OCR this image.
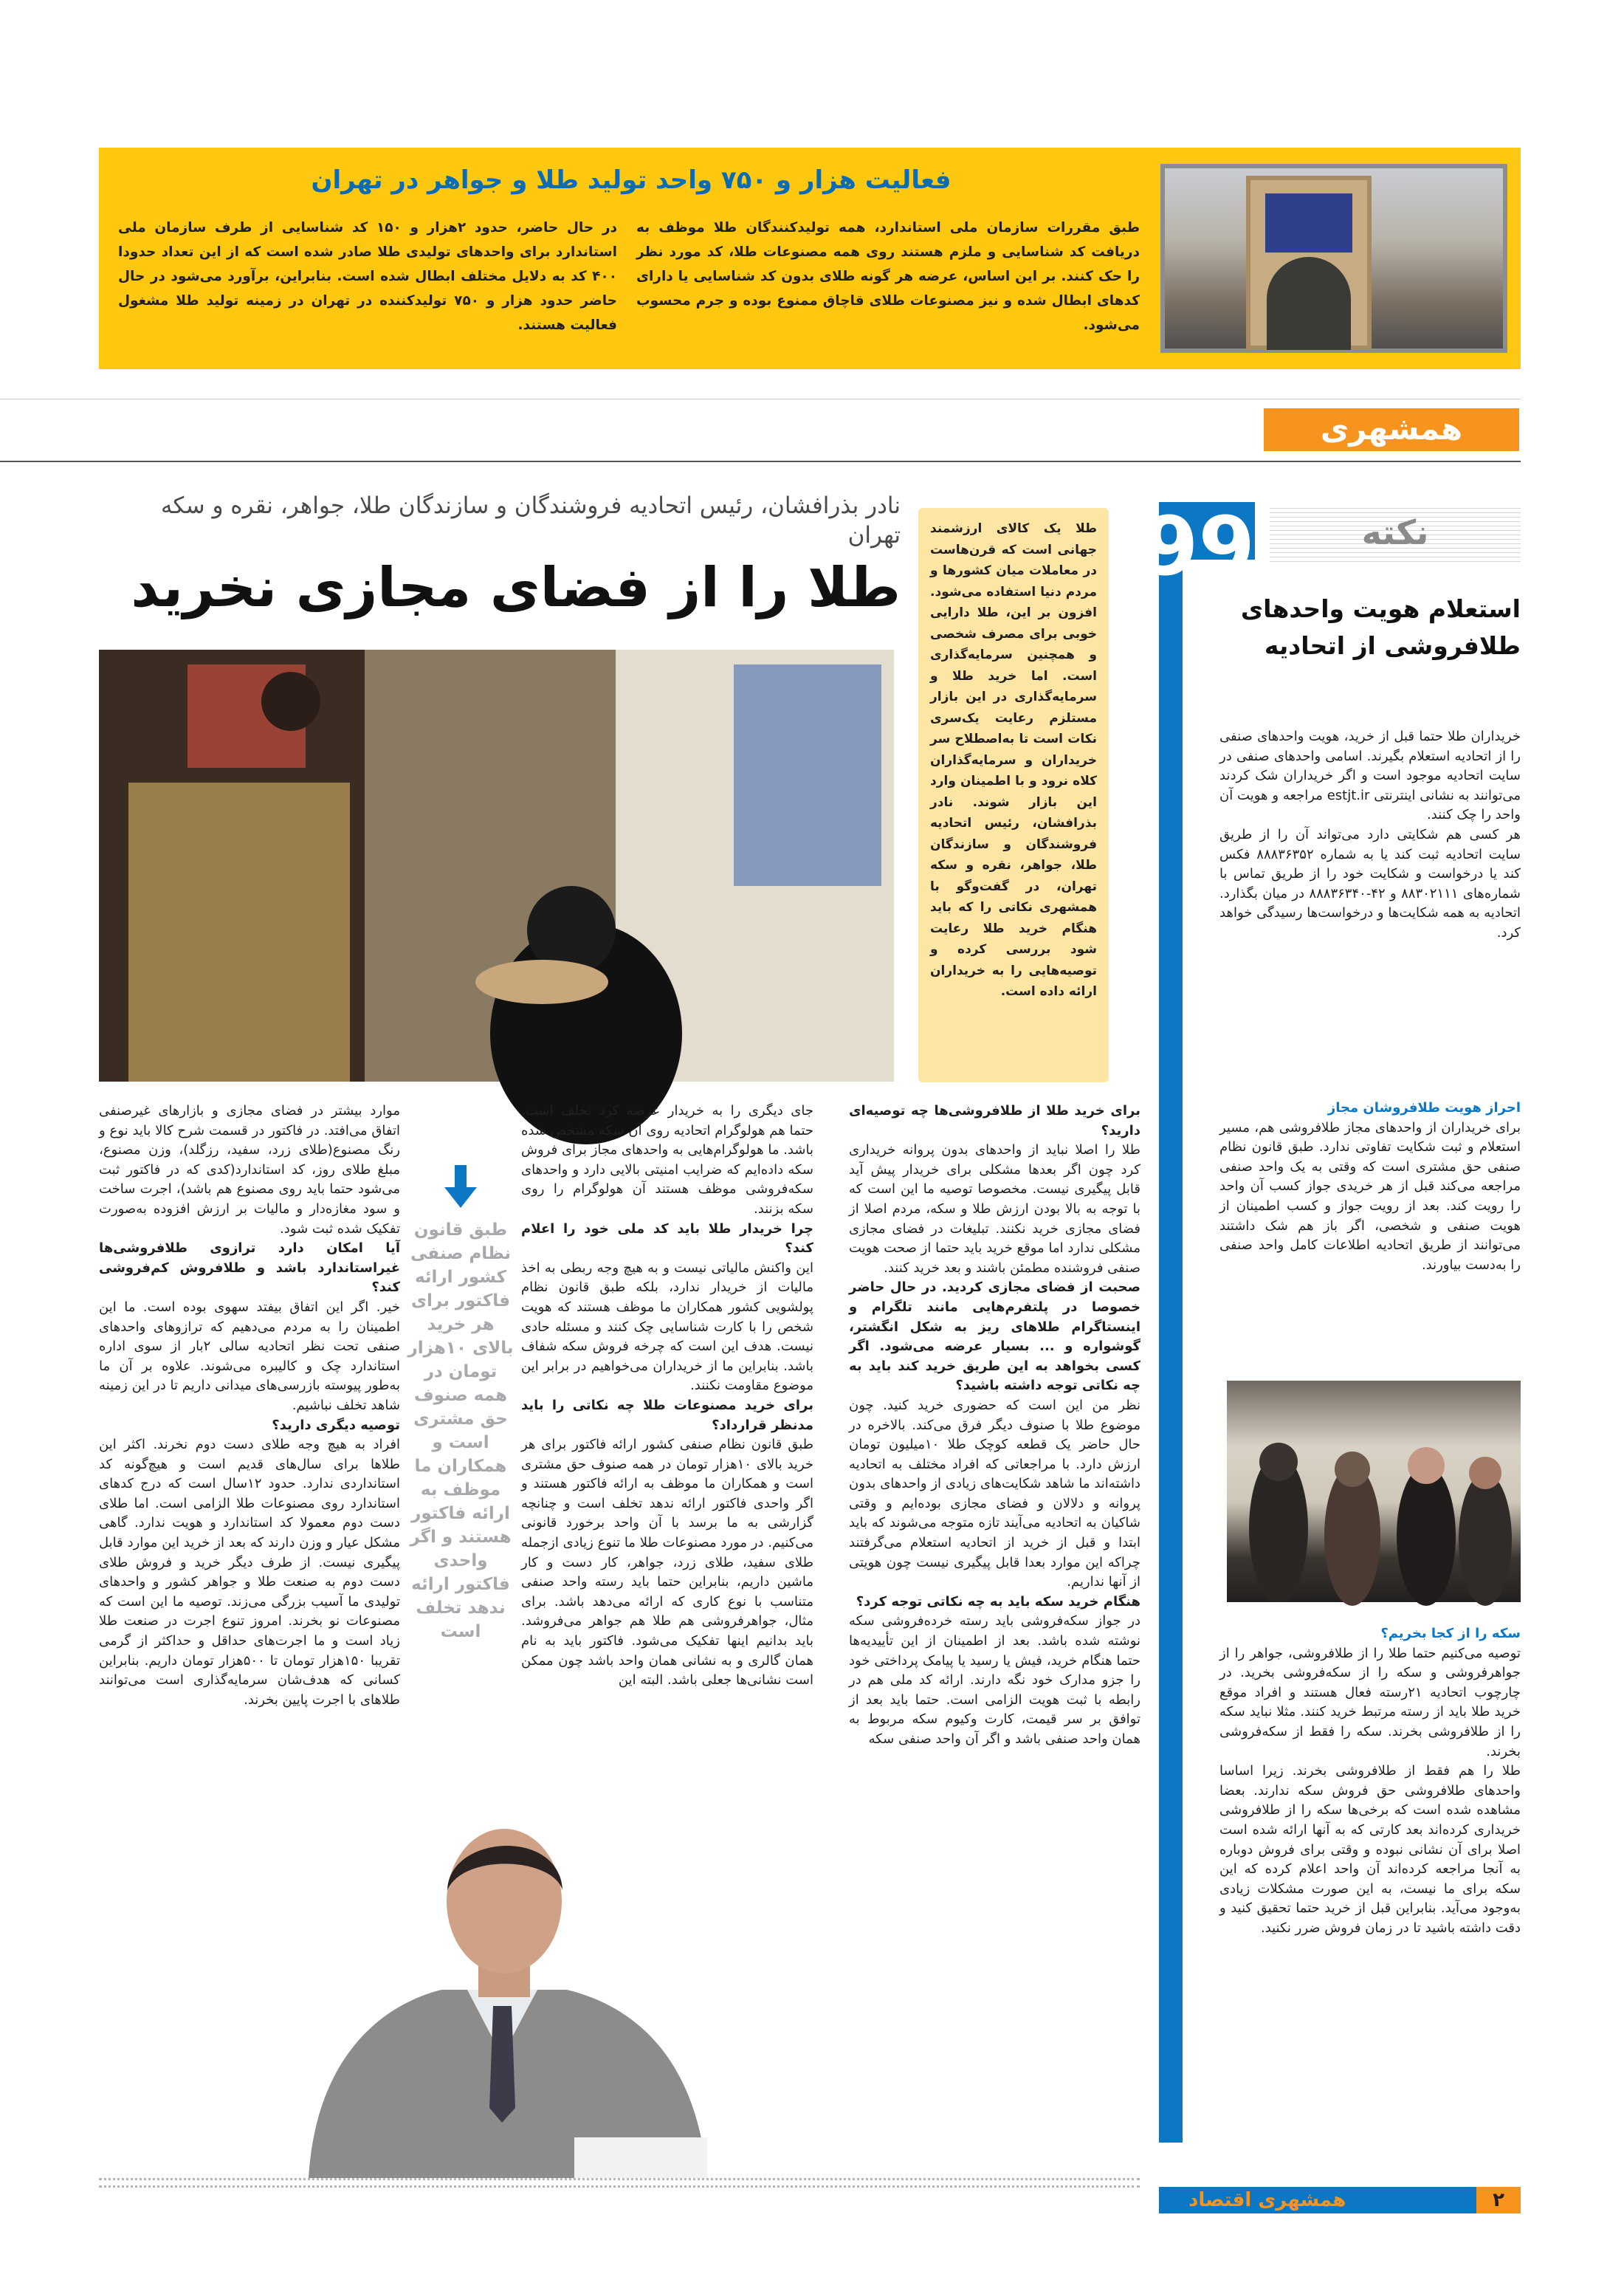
فعالیت هزار و ۷۵۰ واحد تولید طلا و جواهر در تهران
طبق مقررات سازمان ملی استاندارد، همه تولیدکنندگان طلا موظف به دریافت کد شناسایی و ملزم هستند روی همه مصنوعات طلا، کد مورد نظر را حک کنند. بر این اساس، عرضه هر گونه طلای بدون کد شناسایی یا دارای کدهای ابطال شده و نیز مصنوعات طلای قاچاق ممنوع بوده و جرم محسوب می‌شود.
در حال حاضر، حدود ۲هزار و ۱۵۰ کد شناسایی از طرف سازمان ملی استاندارد برای واحدهای تولیدی طلا صادر شده است که از این تعداد حدودا ۴۰۰ کد به دلایل مختلف ابطال شده است. بنابراین، برآورد می‌شود در حال حاضر حدود هزار و ۷۵۰ تولیدکننده در تهران در زمینه تولید طلا مشغول فعالیت هستند.
همشهری
99	نکته
استعلام هویت واحدهای طلافروشی از اتحادیه

خریداران طلا حتما قبل از خرید، هویت واحدهای صنفی را از اتحادیه استعلام بگیرند. اسامی واحدهای صنفی در سایت اتحادیه موجود است و اگر خریداران شک کردند می‌توانند به نشانی اینترنتی estjt.ir مراجعه و هویت آن واحد را چک کنند.

هر کسی هم شکایتی دارد می‌تواند آن را از طریق سایت اتحادیه ثبت کند یا به شماره ۸۸۸۳۶۳۵۲ فکس کند یا درخواست و شکایت خود را از طریق تماس با شماره‌های ۸۸۳۰۲۱۱۱ و ۴۲-۸۸۸۳۶۳۴۰ در میان بگذارد. اتحادیه به همه شکایت‌ها و درخواست‌ها رسیدگی خواهد کرد.

احراز هویت طلافروشان مجاز

برای خریداران از واحدهای مجاز طلافروشی هم، مسیر استعلام و ثبت شکایت تفاوتی ندارد. طبق قانون نظام صنفی حق مشتری است که وقتی به یک واحد صنفی مراجعه می‌کند قبل از هر خریدی جواز کسب آن واحد را رویت کند. بعد از رویت جواز و کسب اطمینان از هویت صنفی و شخصی، اگر باز هم شک داشتند می‌توانند از طریق اتحادیه اطلاعات کامل واحد صنفی را به‌دست بیاورند.

سکه را از کجا بخریم؟

توصیه می‌کنیم حتما طلا را از طلافروشی، جواهر را از جواهرفروشی و سکه را از سکه‌فروشی بخرید. در چارچوب اتحادیه ۲۱رسته فعال هستند و افراد موقع خرید طلا باید از رسته مرتبط خرید کنند. مثلا نباید سکه را از طلافروشی بخرند. سکه را فقط از سکه‌فروشی بخرند.

طلا را هم فقط از طلافروشی بخرند. زیرا اساسا واحدهای طلافروشی حق فروش سکه ندارند. بعضا مشاهده شده است که برخی‌ها سکه را از طلافروشی خریداری کرده‌اند بعد کارتی که به آنها ارائه شده است اصلا برای آن نشانی نبوده و وقتی برای فروش دوباره به آنجا مراجعه کرده‌اند آن واحد اعلام کرده که این سکه برای ما نیست، به این صورت مشکلات زیادی به‌وجود می‌آید. بنابراین قبل از خرید حتما تحقیق کنید و دقت داشته باشید تا در زمان فروش ضرر نکنید.

طلا یک کالای ارزشمند جهانی است که قرن‌هاست در معاملات میان کشورها و مردم دنیا استفاده می‌شود. افزون بر این، طلا دارایی خوبی برای مصرف شخصی و همچنین سرمایه‌گذاری است. اما خرید طلا و سرمایه‌گذاری در این بازار مستلزم رعایت یک‌سری نکات است تا به‌اصطلاح سر خریداران و سرمایه‌گذاران کلاه نرود و با اطمینان وارد این بازار شوند. نادر بذرافشان، رئیس اتحادیه فروشندگان و سازندگان طلا، جواهر، نقره و سکه تهران، در گفت‌وگو با همشهری نکاتی را که باید هنگام خرید طلا رعایت شود بررسی کرده و توصیه‌هایی را به خریداران ارائه داده است.
نادر بذرافشان، رئیس اتحادیه فروشندگان و سازندگان طلا، جواهر، نقره و سکه تهران
طلا را از فضای مجازی نخرید

برای خرید طلا از طلافروشی‌ها چه توصیه‌ای دارید؟

طلا را اصلا نباید از واحدهای بدون پروانه خریداری کرد چون اگر بعدها مشکلی برای خریدار پیش آید قابل پیگیری نیست. مخصوصا توصیه ما این است که با توجه به بالا بودن ارزش طلا و سکه، مردم اصلا از فضای مجازی خرید نکنند. تبلیغات در فضای مجازی مشکلی ندارد اما موقع خرید باید حتما از صحت هویت صنفی فروشنده مطمئن باشند و بعد خرید کنند.

صحبت از فضای مجازی کردید. در حال حاضر خصوصا در پلتفرم‌هایی مانند تلگرام و اینستاگرام طلاهای ریز به شکل انگشتر، گوشواره و ... بسیار عرضه می‌شود. اگر کسی بخواهد به این طریق خرید کند باید به چه نکاتی توجه داشته باشید؟

نظر من این است که حضوری خرید کنید. چون موضوع طلا با صنوف دیگر فرق می‌کند. بالاخره در حال حاضر یک قطعه کوچک طلا ۱۰میلیون تومان ارزش دارد. با مراجعاتی که افراد مختلف به اتحادیه داشته‌اند ما شاهد شکایت‌های زیادی از واحدهای بدون پروانه و دلالان و فضای مجازی بوده‌ایم و وقتی شاکیان به اتحادیه می‌آیند تازه متوجه می‌شوند که باید ابتدا و قبل از خرید از اتحادیه استعلام می‌گرفتند چراکه این موارد بعدا قابل پیگیری نیست چون هویتی از آنها نداریم.

هنگام خرید سکه باید به چه نکاتی توجه کرد؟

در جواز سکه‌فروشی باید رسته خرده‌فروشی سکه نوشته شده باشد. بعد از اطمینان از این تأییدیه‌ها حتما هنگام خرید، فیش یا رسید یا پیامک پرداختی خود را جزو مدارک خود نگه دارند. ارائه کد ملی هم در رابطه با ثبت هویت الزامی است. حتما باید بعد از توافق بر سر قیمت، کارت وکیوم سکه مربوط به همان واحد صنفی باشد و اگر آن واحد صنفی سکه

جای دیگری را به خریدار عرضه کرد تخلف است. حتما هم هولوگرام اتحادیه روی آن سکه مشخص شده باشد. ما هولوگرام‌هایی به واحدهای مجاز برای فروش سکه داده‌ایم که ضرایب امنیتی بالایی دارد و واحدهای سکه‌فروشی موظف هستند آن هولوگرام را روی سکه بزنند.

چرا خریدار طلا باید کد ملی خود را اعلام کند؟

این واکنش مالیاتی نیست و به هیچ وجه ربطی به اخذ مالیات از خریدار ندارد، بلکه طبق قانون نظام پولشویی کشور همکاران ما موظف هستند که هویت شخص را با کارت شناسایی چک کنند و مسئله حادی نیست. هدف این است که چرخه فروش سکه شفاف باشد. بنابراین ما از خریداران می‌خواهیم در برابر این موضوع مقاومت نکنند.

برای خرید مصنوعات طلا چه نکاتی را باید مدنظر قرارداد؟

طبق قانون نظام صنفی کشور ارائه فاکتور برای هر خرید بالای ۱۰هزار تومان در همه صنوف حق مشتری است و همکاران ما موظف به ارائه فاکتور هستند و اگر واحدی فاکتور ارائه ندهد تخلف است و چنانچه گزارشی به ما برسد با آن واحد برخورد قانونی می‌کنیم. در مورد مصنوعات طلا ما تنوع زیادی ازجمله طلای سفید، طلای زرد، جواهر، کار دست و کار ماشین داریم، بنابراین حتما باید رسته واحد صنفی متناسب با نوع کاری که ارائه می‌دهد باشد. برای مثال، جواهرفروشی هم طلا هم جواهر می‌فروشد. باید بدانیم اینها تفکیک می‌شود. فاکتور باید به نام همان گالری و به نشانی همان واحد باشد چون ممکن است نشانی‌ها جعلی باشد. البته این

طبق قانون نظام صنفی کشور ارائه فاکتور برای هر خرید بالای ۱۰هزار تومان در همه صنوف حق مشتری است و همکاران ما موظف به ارائه فاکتور هستند و اگر واحدی فاکتور ارائه ندهد تخلف است

موارد بیشتر در فضای مجازی و بازارهای غیرصنفی اتفاق می‌افتد. در فاکتور در قسمت شرح کالا باید نوع و رنگ مصنوع(طلای زرد، سفید، رزگلد)، وزن مصنوع، مبلغ طلای روز، کد استاندارد(کدی که در فاکتور ثبت می‌شود حتما باید روی مصنوع هم باشد)، اجرت ساخت و سود مغازه‌دار و مالیات بر ارزش افزوده به‌صورت تفکیک شده ثبت شود.

آیا امکان دارد ترازوی طلافروشی‌ها غیراستاندارد باشد و طلافروش کم‌فروشی کند؟

خیر. اگر این اتفاق بیفتد سهوی بوده است. ما این اطمینان را به مردم می‌دهیم که ترازوهای واحدهای صنفی تحت نظر اتحادیه سالی ۲بار از سوی اداره استاندارد چک و کالیبره می‌شوند. علاوه بر آن ما به‌طور پیوسته بازرسی‌های میدانی داریم تا در این زمینه شاهد تخلف نباشیم.

توصیه دیگری دارید؟

افراد به هیچ وجه طلای دست دوم نخرند. اکثر این طلاها برای سال‌های قدیم است و هیچ‌گونه کد استانداردی ندارد. حدود ۱۲سال است که درج کدهای استاندارد روی مصنوعات طلا الزامی است. اما طلای دست دوم معمولا کد استاندارد و هویت ندارد. گاهی مشکل عیار و وزن دارند که بعد از خرید این موارد قابل پیگیری نیست. از طرف دیگر خرید و فروش طلای دست دوم به صنعت طلا و جواهر کشور و واحدهای تولیدی ما آسیب بزرگی می‌زند. توصیه ما این است که مصنوعات نو بخرند. امروز تنوع اجرت در صنعت طلا زیاد است و ما اجرت‌های حداقل و حداکثر از گرمی تقریبا ۱۵۰هزار تومان تا ۵۰۰هزار تومان داریم. بنابراین کسانی که هدف‌شان سرمایه‌گذاری است می‌توانند طلاهای با اجرت پایین بخرند.

همشهری اقتصاد	۲
